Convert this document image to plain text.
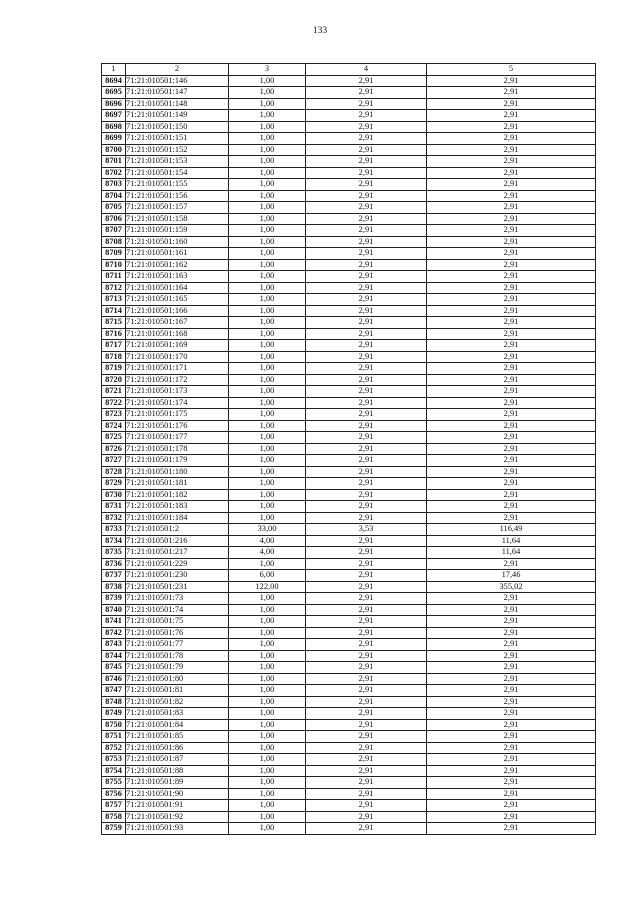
133
1	2	3	4	5
8694	71:21:010501:146	1,00	2,91	2,91
8695	71:21:010501:147	1,00	2,91	2,91
8696	71:21:010501:148	1,00	2,91	2,91
8697	71:21:010501:149	1,00	2,91	2,91
8698	71:21:010501:150	1,00	2,91	2,91
8699	71:21:010501:151	1,00	2,91	2,91
8700	71:21:010501:152	1,00	2,91	2,91
8701	71:21:010501:153	1,00	2,91	2,91
8702	71:21:010501:154	1,00	2,91	2,91
8703	71:21:010501:155	1,00	2,91	2,91
8704	71:21:010501:156	1,00	2,91	2,91
8705	71:21:010501:157	1,00	2,91	2,91
8706	71:21:010501:158	1,00	2,91	2,91
8707	71:21:010501:159	1,00	2,91	2,91
8708	71:21:010501:160	1,00	2,91	2,91
8709	71:21:010501:161	1,00	2,91	2,91
8710	71:21:010501:162	1,00	2,91	2,91
8711	71:21:010501:163	1,00	2,91	2,91
8712	71:21:010501:164	1,00	2,91	2,91
8713	71:21:010501:165	1,00	2,91	2,91
8714	71:21:010501:166	1,00	2,91	2,91
8715	71:21:010501:167	1,00	2,91	2,91
8716	71:21:010501:168	1,00	2,91	2,91
8717	71:21:010501:169	1,00	2,91	2,91
8718	71:21:010501:170	1,00	2,91	2,91
8719	71:21:010501:171	1,00	2,91	2,91
8720	71:21:010501:172	1,00	2,91	2,91
8721	71:21:010501:173	1,00	2,91	2,91
8722	71:21:010501:174	1,00	2,91	2,91
8723	71:21:010501:175	1,00	2,91	2,91
8724	71:21:010501:176	1,00	2,91	2,91
8725	71:21:010501:177	1,00	2,91	2,91
8726	71:21:010501:178	1,00	2,91	2,91
8727	71:21:010501:179	1,00	2,91	2,91
8728	71:21:010501:180	1,00	2,91	2,91
8729	71:21:010501:181	1,00	2,91	2,91
8730	71:21:010501:182	1,00	2,91	2,91
8731	71:21:010501:183	1,00	2,91	2,91
8732	71:21:010501:184	1,00	2,91	2,91
8733	71:21:010501:2	33,00	3,53	116,49
8734	71:21:010501:216	4,00	2,91	11,64
8735	71:21:010501:217	4,00	2,91	11,64
8736	71:21:010501:229	1,00	2,91	2,91
8737	71:21:010501:230	6,00	2,91	17,46
8738	71:21:010501:231	122,00	2,91	355,02
8739	71:21:010501:73	1,00	2,91	2,91
8740	71:21:010501:74	1,00	2,91	2,91
8741	71:21:010501:75	1,00	2,91	2,91
8742	71:21:010501:76	1,00	2,91	2,91
8743	71:21:010501:77	1,00	2,91	2,91
8744	71:21:010501:78	1,00	2,91	2,91
8745	71:21:010501:79	1,00	2,91	2,91
8746	71:21:010501:80	1,00	2,91	2,91
8747	71:21:010501:81	1,00	2,91	2,91
8748	71:21:010501:82	1,00	2,91	2,91
8749	71:21:010501:83	1,00	2,91	2,91
8750	71:21:010501:84	1,00	2,91	2,91
8751	71:21:010501:85	1,00	2,91	2,91
8752	71:21:010501:86	1,00	2,91	2,91
8753	71:21:010501:87	1,00	2,91	2,91
8754	71:21:010501:88	1,00	2,91	2,91
8755	71:21:010501:89	1,00	2,91	2,91
8756	71:21:010501:90	1,00	2,91	2,91
8757	71:21:010501:91	1,00	2,91	2,91
8758	71:21:010501:92	1,00	2,91	2,91
8759	71:21:010501:93	1,00	2,91	2,91
